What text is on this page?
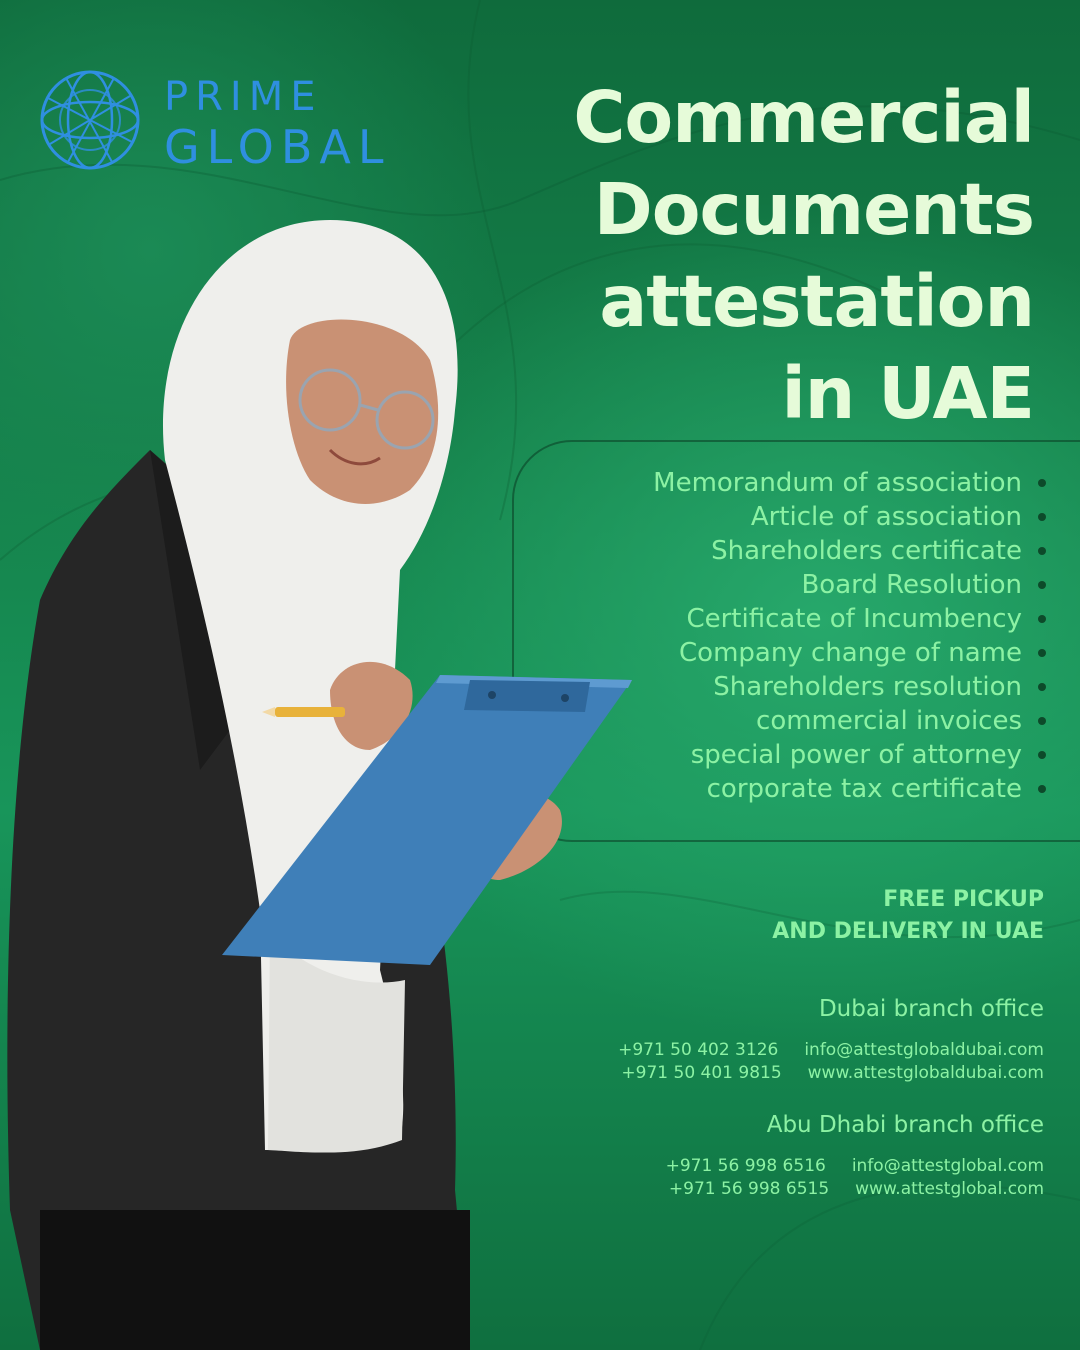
PRIME
GLOBAL	Commercial
Documents
attestation
in UAE
Memorandum of association
Article of association
Shareholders certificate
Board Resolution
Certificate of Incumbency
Company change of name
Shareholders resolution
commercial invoices
special power of attorney
corporate tax certificate
FREE PICKUP
AND DELIVERY IN UAE
Dubai branch office
+971 50 402 3126 info@attestglobaldubai.com
+971 50 401 9815 www.attestglobaldubai.com
Abu Dhabi branch office
+971 56 998 6516 info@attestglobal.com
+971 56 998 6515 www.attestglobal.com
